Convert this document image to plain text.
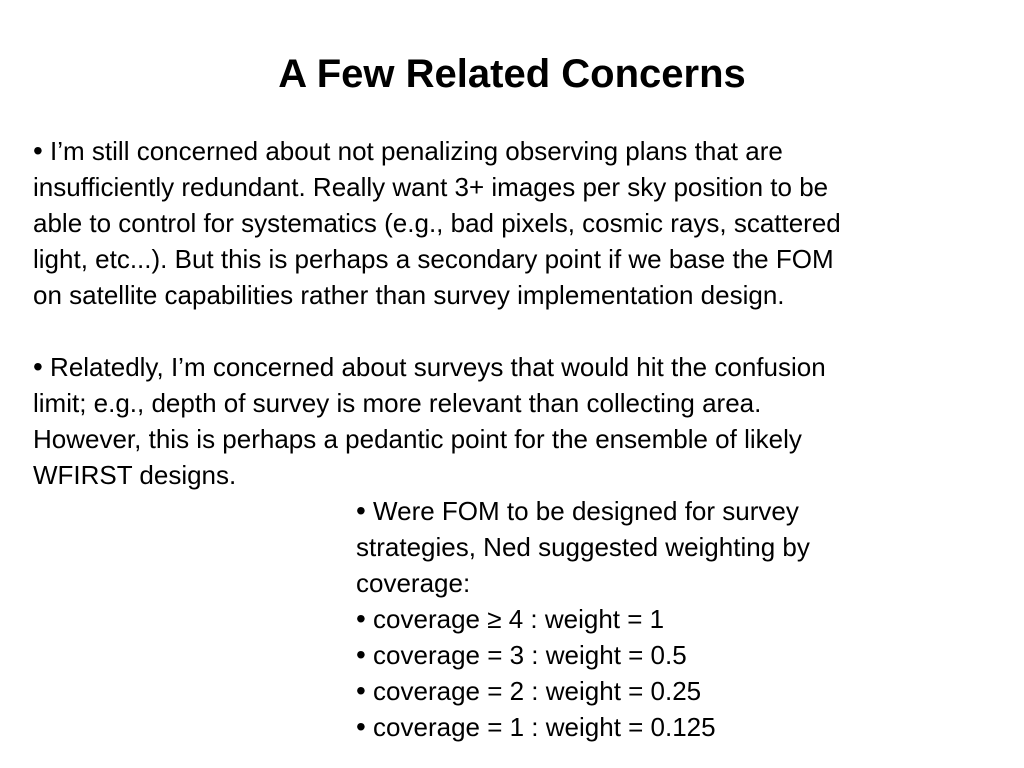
A Few Related Concerns
• I’m still concerned about not penalizing observing plans that are
insufficiently redundant. Really want 3+ images per sky position to be
able to control for systematics (e.g., bad pixels, cosmic rays, scattered
light, etc...). But this is perhaps a secondary point if we base the FOM
on satellite capabilities rather than survey implementation design.
• Relatedly, I’m concerned about surveys that would hit the confusion
limit; e.g., depth of survey is more relevant than collecting area.
However, this is perhaps a pedantic point for the ensemble of likely
WFIRST designs.
• Were FOM to be designed for survey
strategies, Ned suggested weighting by
coverage:
• coverage ≥ 4 : weight = 1
• coverage = 3 : weight = 0.5
• coverage = 2 : weight = 0.25
• coverage = 1 : weight = 0.125
